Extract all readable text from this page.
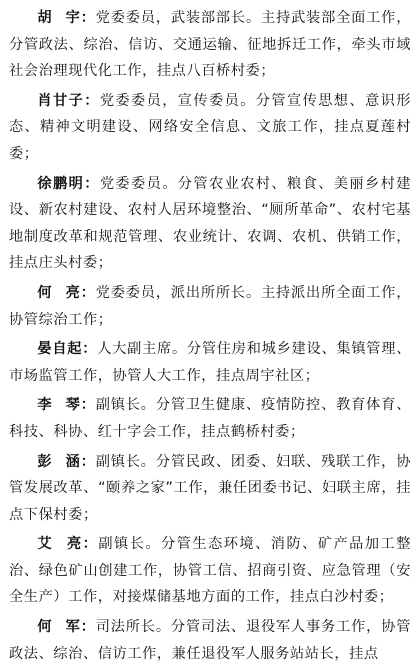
胡 宇：党委委员，武装部部长。主持武装部全面工作，分管政法、综治、信访、交通运输、征地拆迁工作，牵头市域社会治理现代化工作，挂点八百桥村委；

肖甘子：党委委员，宣传委员。分管宣传思想、意识形态、精神文明建设、网络安全信息、文旅工作，挂点夏莲村委；

徐鹏明：党委委员。分管农业农村、粮食、美丽乡村建设、新农村建设、农村人居环境整治、“厕所革命”、农村宅基地制度改革和规范管理、农业统计、农调、农机、供销工作，挂点庄头村委；

何 亮：党委委员，派出所所长。主持派出所全面工作，协管综治工作；

晏自起：人大副主席。分管住房和城乡建设、集镇管理、市场监管工作，协管人大工作，挂点周宇社区；

李 琴：副镇长。分管卫生健康、疫情防控、教育体育、科技、科协、红十字会工作，挂点鹤桥村委；

彭 涵：副镇长。分管民政、团委、妇联、残联工作，协管发展改革、“颐养之家”工作，兼任团委书记、妇联主席，挂点下保村委；

艾 亮：副镇长。分管生态环境、消防、矿产品加工整治、绿色矿山创建工作，协管工信、招商引资、应急管理（安全生产）工作，对接煤储基地方面的工作，挂点白沙村委；

何 军：司法所长。分管司法、退役军人事务工作，协管政法、综治、信访工作，兼任退役军人服务站站长，挂点
